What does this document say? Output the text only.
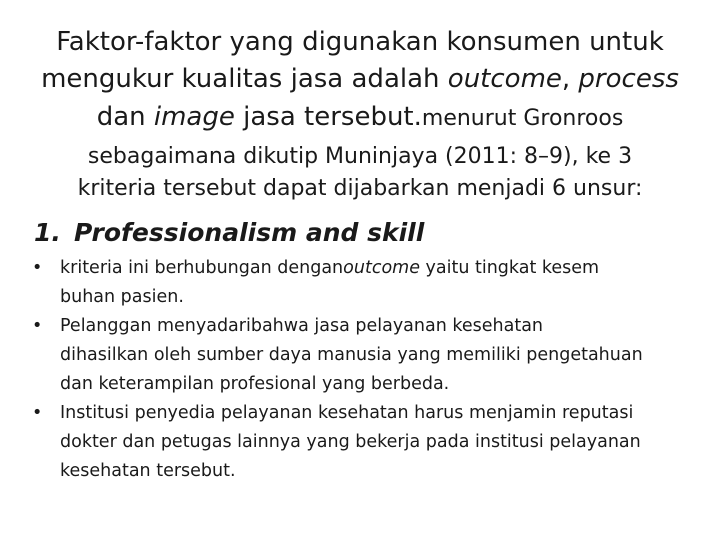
Faktor-faktor yang digunakan konsumen untuk
mengukur kualitas jasa adalah outcome, process
dan image jasa tersebut.menurut Gronroos
sebagaimana dikutip Muninjaya (2011: 8–9), ke 3
kriteria tersebut dapat dijabarkan menjadi 6 unsur:
1. Professionalism and skill
• kriteria ini berhubungan denganoutcome yaitu tingkat kesem
buhan pasien.
• Pelanggan menyadaribahwa jasa pelayanan kesehatan
dihasilkan oleh sumber daya manusia yang memiliki pengetahuan
dan keterampilan profesional yang berbeda.
• Institusi penyedia pelayanan kesehatan harus menjamin reputasi
dokter dan petugas lainnya yang bekerja pada institusi pelayanan
kesehatan tersebut.
